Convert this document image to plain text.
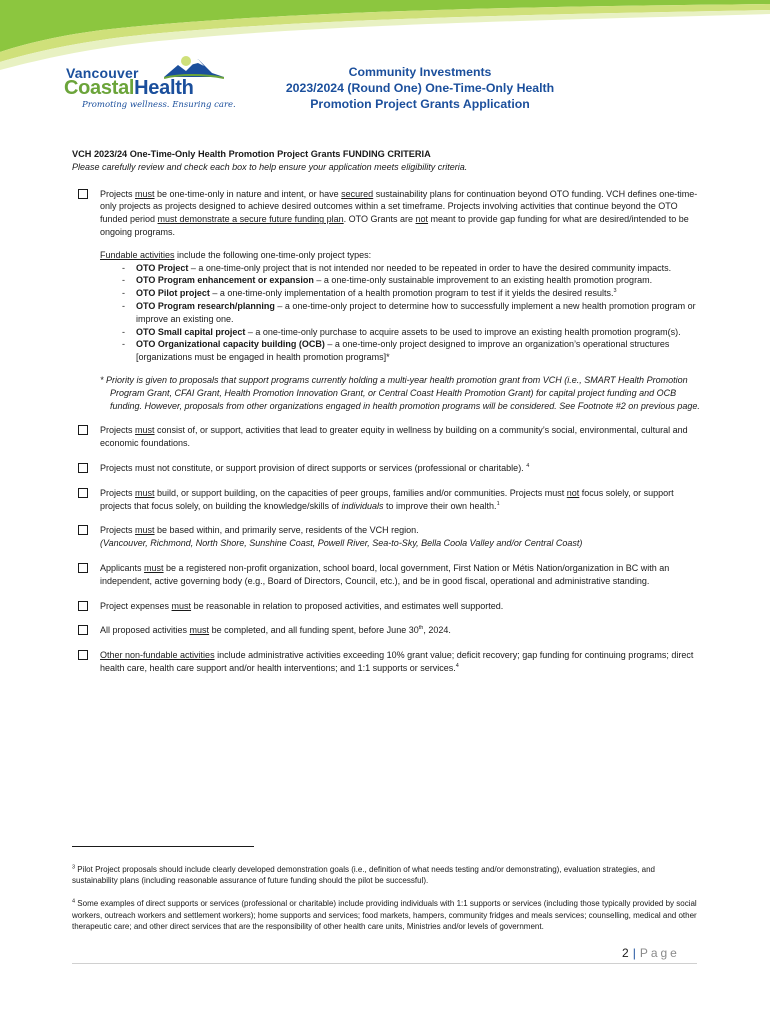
Vancouver
CoastalHealth
Promoting wellness. Ensuring care.
Community Investments
2023/2024 (Round One) One-Time-Only Health
Promotion Project Grants Application
VCH 2023/24 One-Time-Only Health Promotion Project Grants FUNDING CRITERIA
Please carefully review and check each box to help ensure your application meets eligibility criteria.
Projects must be one-time-only in nature and intent, or have secured sustainability plans for continuation beyond OTO funding. VCH defines one-time-only projects as projects designed to achieve desired outcomes within a set timeframe. Projects involving activities that continue beyond the OTO funded period must demonstrate a secure future funding plan. OTO Grants are not meant to provide gap funding for what are desired/intended to be ongoing programs.
Fundable activities include the following one-time-only project types:
- OTO Project – a one-time-only project that is not intended nor needed to be repeated in order to have the desired community impacts.
- OTO Program enhancement or expansion – a one-time-only sustainable improvement to an existing health promotion program.
- OTO Pilot project – a one-time-only implementation of a health promotion program to test if it yields the desired results.$^3$
- OTO Program research/planning – a one-time-only project to determine how to successfully implement a new health promotion program or improve an existing one.
- OTO Small capital project – a one-time-only purchase to acquire assets to be used to improve an existing health promotion program(s).
- OTO Organizational capacity building (OCB) – a one-time-only project designed to improve an organization’s operational structures [organizations must be engaged in health promotion programs]*
* Priority is given to proposals that support programs currently holding a multi-year health promotion grant from VCH (i.e., SMART Health Promotion Program Grant, CFAI Grant, Health Promotion Innovation Grant, or Central Coast Health Promotion Grant) for capital project funding and OCB funding. However, proposals from other organizations engaged in health promotion programs will be considered. See Footnote #2 on previous page.
Projects must consist of, or support, activities that lead to greater equity in wellness by building on a community’s social, environmental, cultural and economic foundations.
Projects must not constitute, or support provision of direct supports or services (professional or charitable). $^4$
Projects must build, or support building, on the capacities of peer groups, families and/or communities. Projects must not focus solely, or support projects that focus solely, on building the knowledge/skills of individuals to improve their own health.$^1$
Projects must be based within, and primarily serve, residents of the VCH region.
(Vancouver, Richmond, North Shore, Sunshine Coast, Powell River, Sea-to-Sky, Bella Coola Valley and/or Central Coast)
Applicants must be a registered non-profit organization, school board, local government, First Nation or Métis Nation/organization in BC with an independent, active governing body (e.g., Board of Directors, Council, etc.), and be in good fiscal, operational and administrative standing.
Project expenses must be reasonable in relation to proposed activities, and estimates well supported.
All proposed activities must be completed, and all funding spent, before June 30th, 2024.
Other non-fundable activities include administrative activities exceeding 10% grant value; deficit recovery; gap funding for continuing programs; direct health care, health care support and/or health interventions; and 1:1 supports or services.$^4$
$^3$ Pilot Project proposals should include clearly developed demonstration goals (i.e., definition of what needs testing and/or demonstrating), evaluation strategies, and sustainability plans (including reasonable assurance of future funding should the pilot be successful).
$^4$ Some examples of direct supports or services (professional or charitable) include providing individuals with 1:1 supports or services (including those typically provided by social workers, outreach workers and settlement workers); home supports and services; food markets, hampers, community fridges and meals services; counselling, medical and other therapeutic care; and other direct services that are the responsibility of other health care units, Ministries and/or levels of government.
2 | Page
